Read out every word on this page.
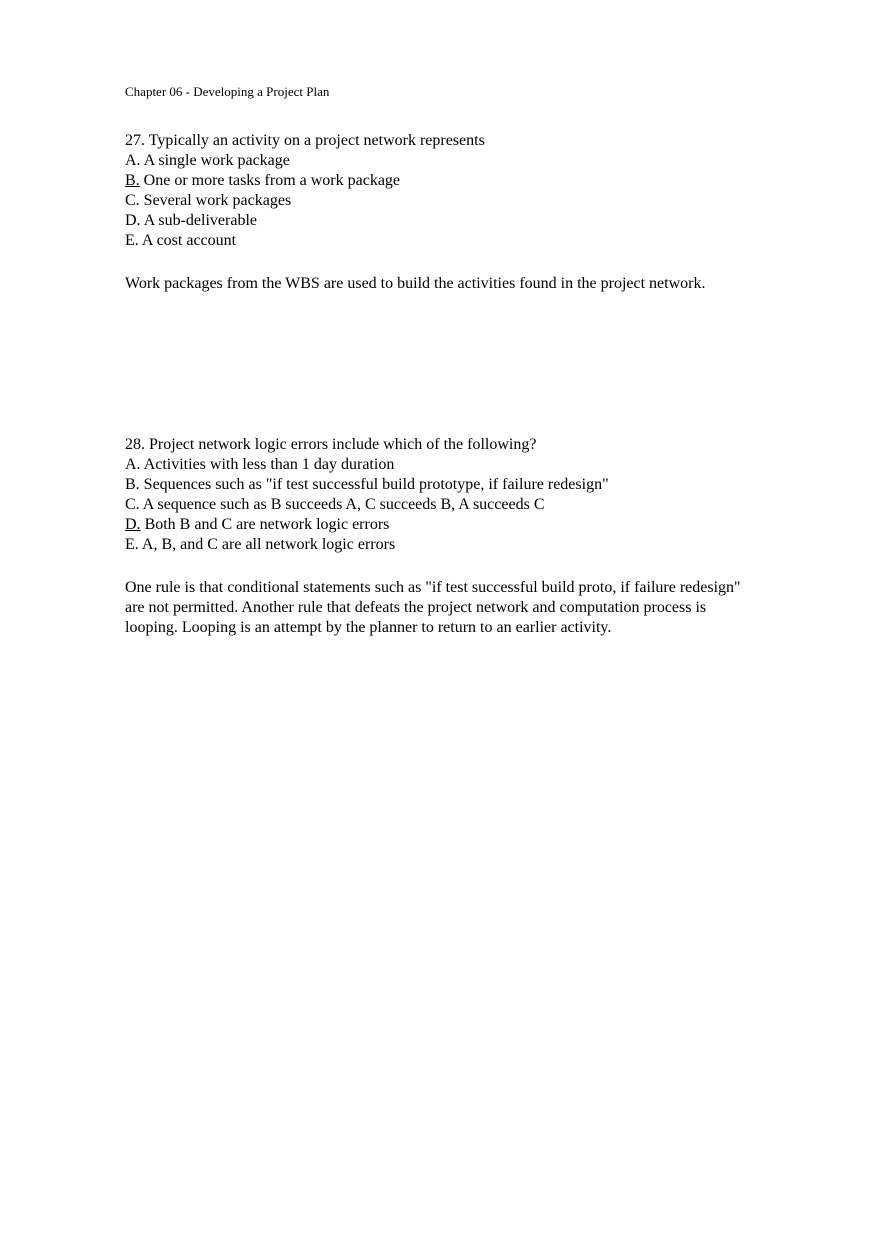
Chapter 06 - Developing a Project Plan
27. Typically an activity on a project network represents
A. A single work package
B. One or more tasks from a work package
C. Several work packages
D. A sub-deliverable
E. A cost account
Work packages from the WBS are used to build the activities found in the project network.
28. Project network logic errors include which of the following?
A. Activities with less than 1 day duration
B. Sequences such as "if test successful build prototype, if failure redesign"
C. A sequence such as B succeeds A, C succeeds B, A succeeds C
D. Both B and C are network logic errors
E. A, B, and C are all network logic errors
One rule is that conditional statements such as "if test successful build proto, if failure redesign" are not permitted. Another rule that defeats the project network and computation process is looping. Looping is an attempt by the planner to return to an earlier activity.
